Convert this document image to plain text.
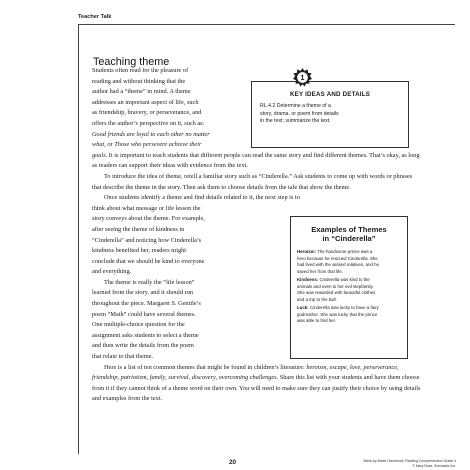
Teacher Talk
Teaching theme
Students often read for the pleasure of
reading and without thinking that the
author had a “theme” in mind. A theme
addresses an important aspect of life, such
as friendship, bravery, or perseverance, and
offers the author’s perspective on it, such as:
Good friends are loyal to each other no matter
what, or Those who persevere achieve their

goals. It is important to teach students that different people can read the same story and find different themes. That’s okay, as long as readers can support their ideas with evidence from the text.

To introduce the idea of theme, retell a familiar story such as “Cinderella.” Ask students to come up with words or phrases that describe the theme in the story. Then ask them to choose details from the tale that show the theme.

Once students identify a theme and find details related to it, the next step is to

think about what message or life lesson the
story conveys about the theme. For example,
after seeing the theme of kindness in
“Cinderella” and noticing how Cinderella’s
kindness benefited her, readers might
conclude that we should be kind to everyone
and everything.
The theme is really the “life lesson”
learned from the story, and it should run
throughout the piece. Margaret S. Gentile’s
poem “Math” could have several themes.
One multiple-choice question for the
assignment asks students to select a theme
and then write the details from the poem
that relate to that theme.

Here is a list of ten common themes that might be found in children’s literature: heroism, escape, love, perseverance, friendship, patriotism, family, survival, discovery, overcoming challenges. Share this list with your students and have them choose from it if they cannot think of a theme word on their own. You will need to make sure they can justify their choice by using details and examples from the text.

KEY IDEAS AND DETAILS
RL.4.2 Determine a theme of a
story, drama, or poem from details
in the text; summarize the text.
1
Examples of Themes
in “Cinderella”

Heroism: The handsome prince was a
hero because he rescued Cinderella. She
had lived with the wicked relatives, and he
saved her from that life.

Kindness: Cinderella was kind to the
animals and even to her evil stepfamily.
She was rewarded with beautiful clothes
and a trip to the ball.

Luck: Cinderella was lucky to have a fairy
godmother. She was lucky that the prince
was able to find her.

20	Week-by-Week Homework: Reading Comprehension Grade 4
© Mary Rose, Scholastic Inc.
